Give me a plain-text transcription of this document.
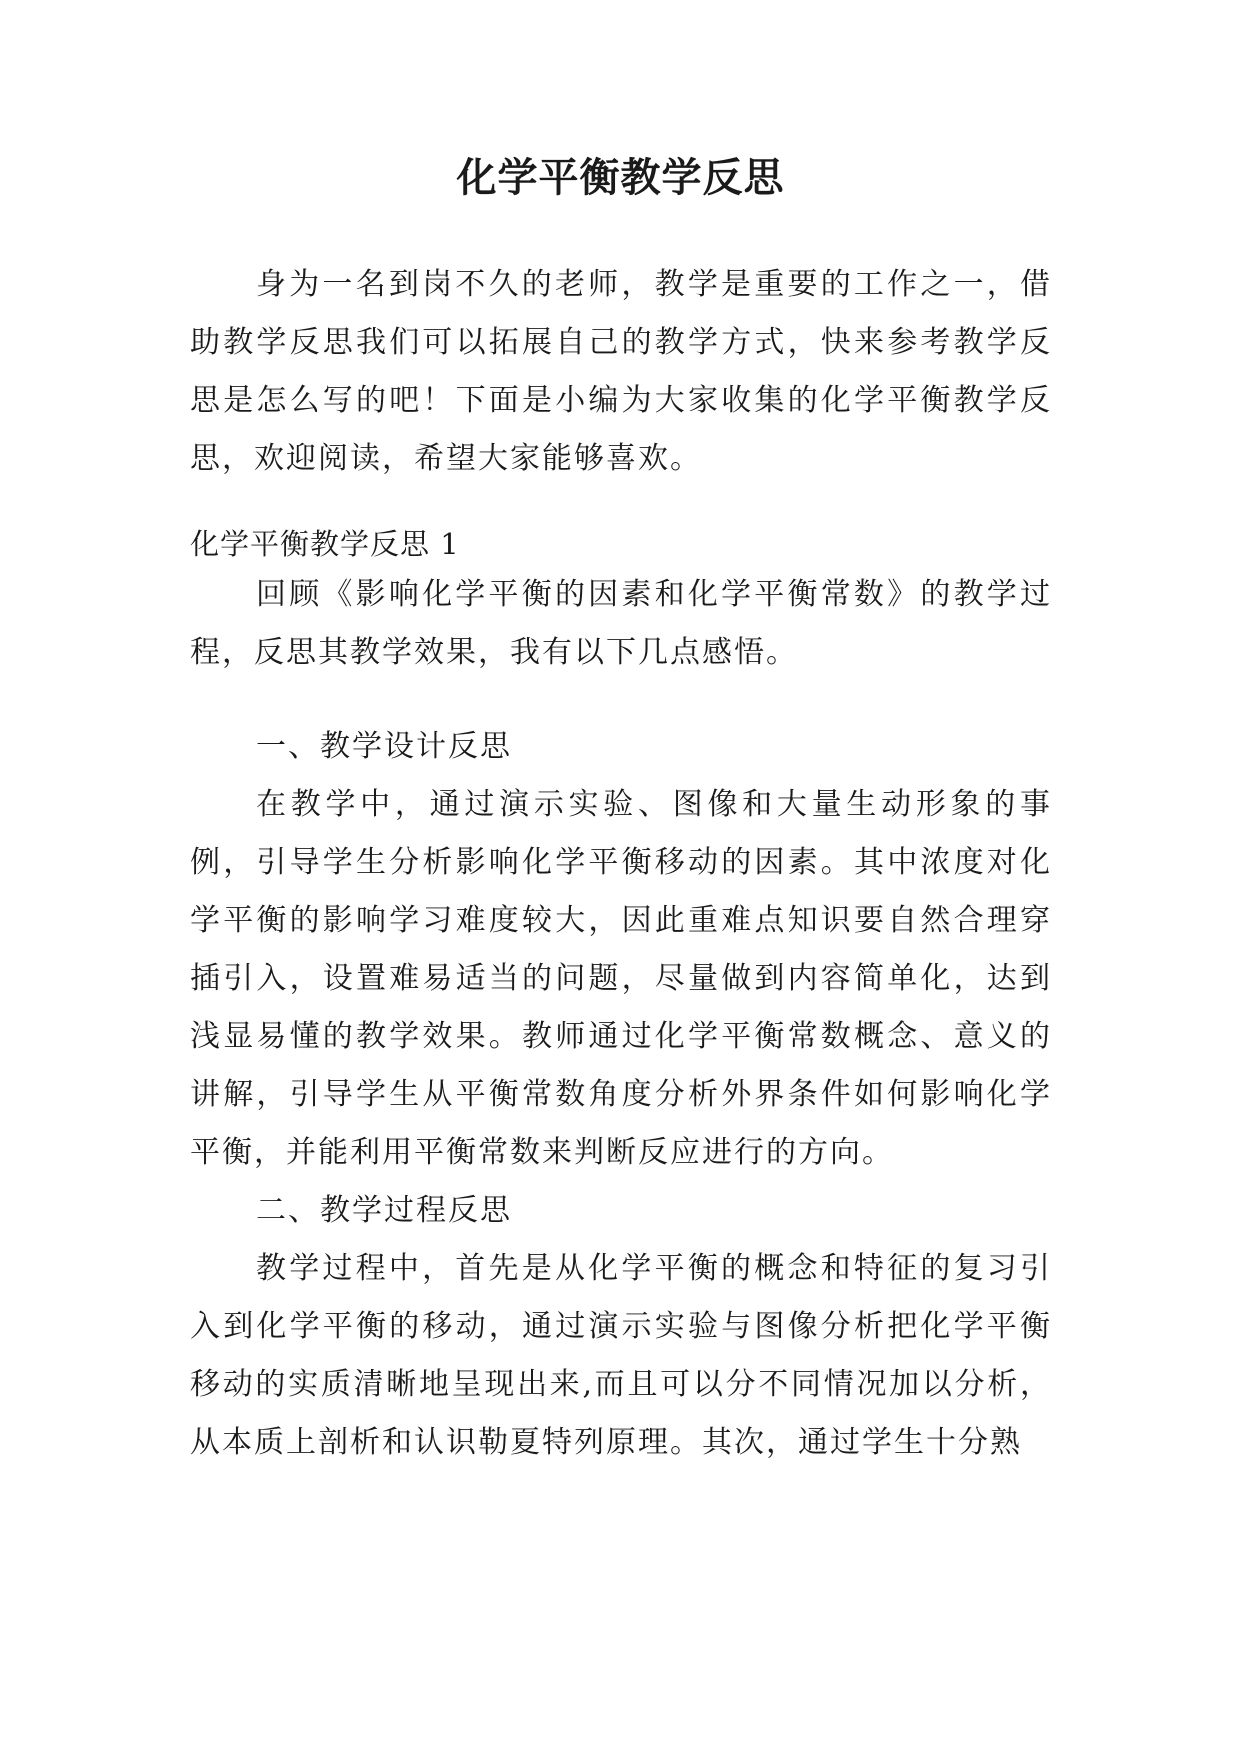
化学平衡教学反思

身为一名到岗不久的老师，教学是重要的工作之一，借助教学反思我们可以拓展自己的教学方式，快来参考教学反思是怎么写的吧！下面是小编为大家收集的化学平衡教学反思，欢迎阅读，希望大家能够喜欢。

化学平衡教学反思 1

回顾《影响化学平衡的因素和化学平衡常数》的教学过程，反思其教学效果，我有以下几点感悟。

一、教学设计反思

在教学中，通过演示实验、图像和大量生动形象的事例，引导学生分析影响化学平衡移动的因素。其中浓度对化学平衡的影响学习难度较大，因此重难点知识要自然合理穿插引入，设置难易适当的问题，尽量做到内容简单化，达到浅显易懂的教学效果。教师通过化学平衡常数概念、意义的讲解，引导学生从平衡常数角度分析外界条件如何影响化学平衡，并能利用平衡常数来判断反应进行的方向。

二、教学过程反思

教学过程中，首先是从化学平衡的概念和特征的复习引入到化学平衡的移动，通过演示实验与图像分析把化学平衡移动的实质清晰地呈现出来,而且可以分不同情况加以分析，从本质上剖析和认识勒夏特列原理。其次，通过学生十分熟
